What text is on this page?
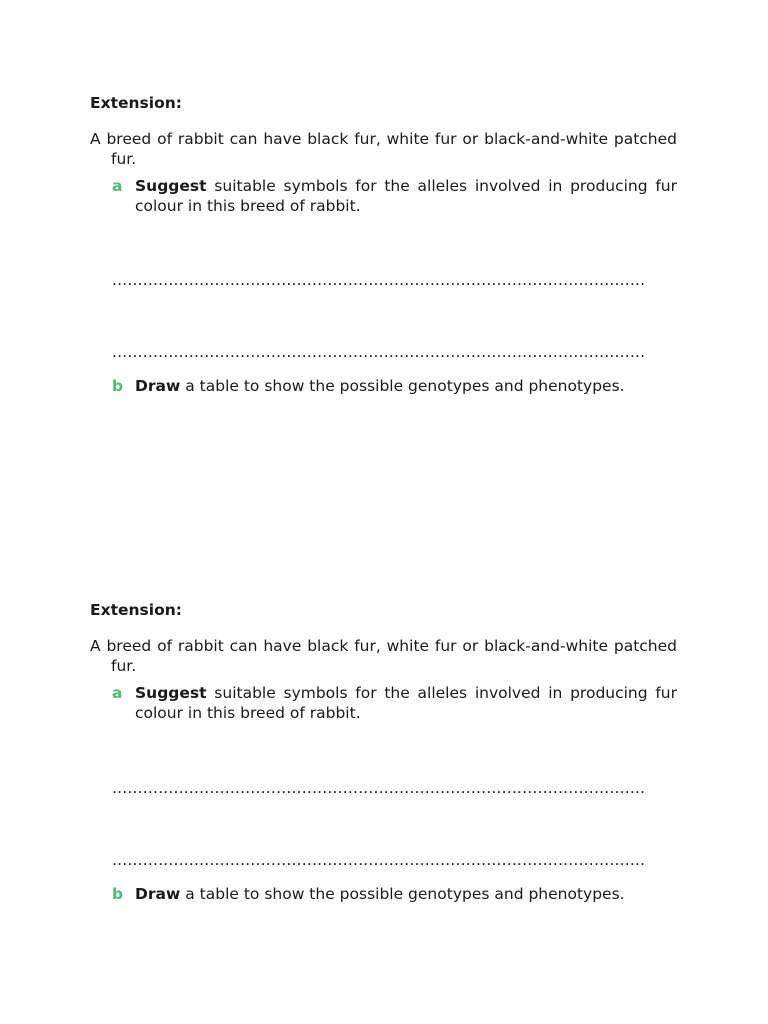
Extension:

A breed of rabbit can have black fur, white fur or black-and-white patched fur.
a Suggest suitable symbols for the alleles involved in producing fur colour in this breed of rabbit.
........................................................................................................
........................................................................................................
b Draw a table to show the possible genotypes and phenotypes.

Extension:

A breed of rabbit can have black fur, white fur or black-and-white patched fur.
a Suggest suitable symbols for the alleles involved in producing fur colour in this breed of rabbit.
........................................................................................................
........................................................................................................
b Draw a table to show the possible genotypes and phenotypes.
